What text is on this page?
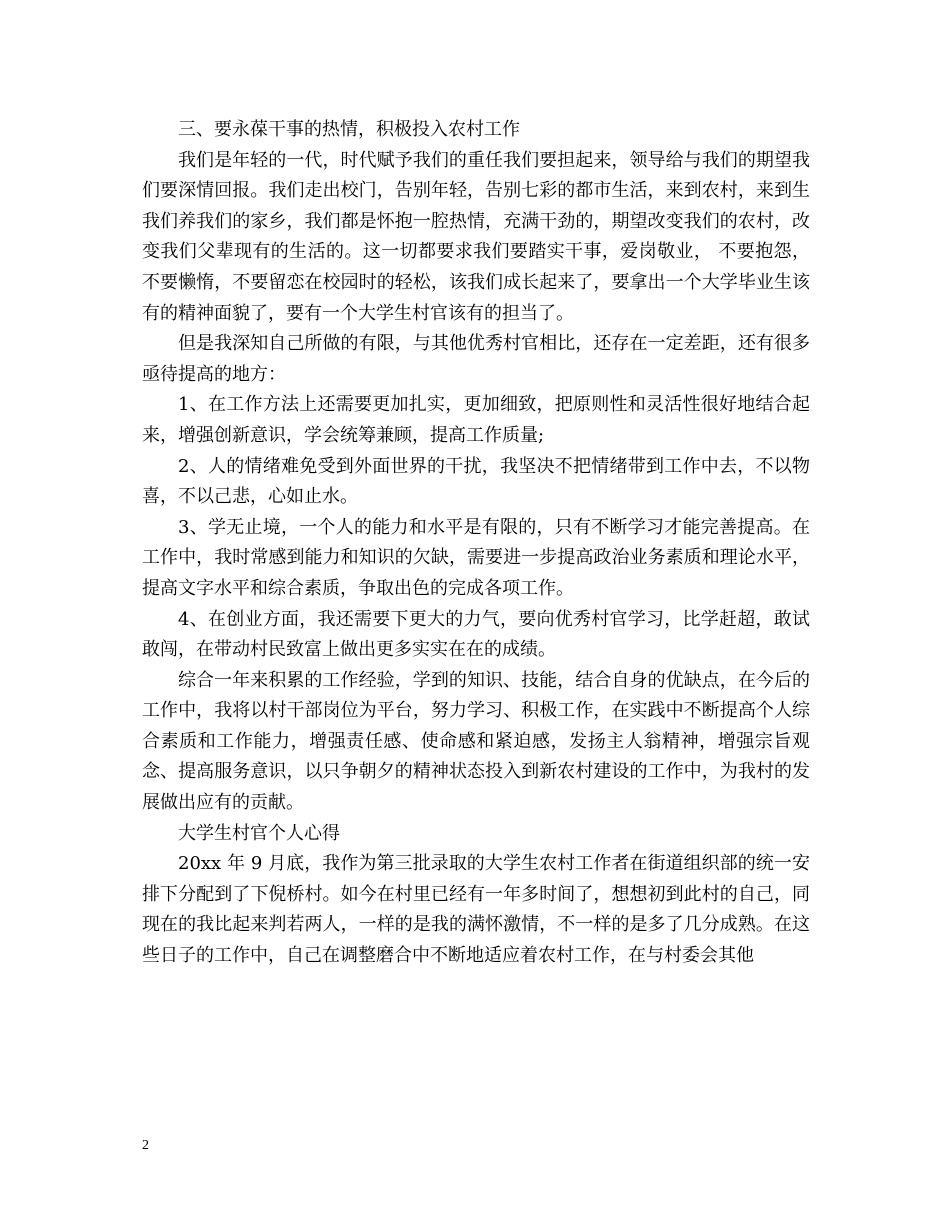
三、要永葆干事的热情，积极投入农村工作

我们是年轻的一代，时代赋予我们的重任我们要担起来，领导给与我们的期望我们要深情回报。我们走出校门，告别年轻，告别七彩的都市生活，来到农村，来到生我们养我们的家乡，我们都是怀抱一腔热情，充满干劲的，期望改变我们的农村，改变我们父辈现有的生活的。这一切都要求我们要踏实干事，爱岗敬业， 不要抱怨，不要懒惰，不要留恋在校园时的轻松，该我们成长起来了，要拿出一个大学毕业生该有的精神面貌了，要有一个大学生村官该有的担当了。

但是我深知自己所做的有限，与其他优秀村官相比，还存在一定差距，还有很多亟待提高的地方：

1、在工作方法上还需要更加扎实，更加细致，把原则性和灵活性很好地结合起来，增强创新意识，学会统筹兼顾，提高工作质量;

2、人的情绪难免受到外面世界的干扰，我坚决不把情绪带到工作中去，不以物喜，不以己悲，心如止水。

3、学无止境，一个人的能力和水平是有限的，只有不断学习才能完善提高。在工作中，我时常感到能力和知识的欠缺，需要进一步提高政治业务素质和理论水平，提高文字水平和综合素质，争取出色的完成各项工作。

4、在创业方面，我还需要下更大的力气，要向优秀村官学习，比学赶超，敢试敢闯，在带动村民致富上做出更多实实在在的成绩。

综合一年来积累的工作经验，学到的知识、技能，结合自身的优缺点，在今后的工作中，我将以村干部岗位为平台，努力学习、积极工作，在实践中不断提高个人综合素质和工作能力，增强责任感、使命感和紧迫感，发扬主人翁精神，增强宗旨观念、提高服务意识，以只争朝夕的精神状态投入到新农村建设的工作中，为我村的发展做出应有的贡献。

大学生村官个人心得

20xx 年 9 月底，我作为第三批录取的大学生农村工作者在街道组织部的统一安排下分配到了下倪桥村。如今在村里已经有一年多时间了，想想初到此村的自己，同现在的我比起来判若两人，一样的是我的满怀激情，不一样的是多了几分成熟。在这些日子的工作中，自己在调整磨合中不断地适应着农村工作，在与村委会其他

2
